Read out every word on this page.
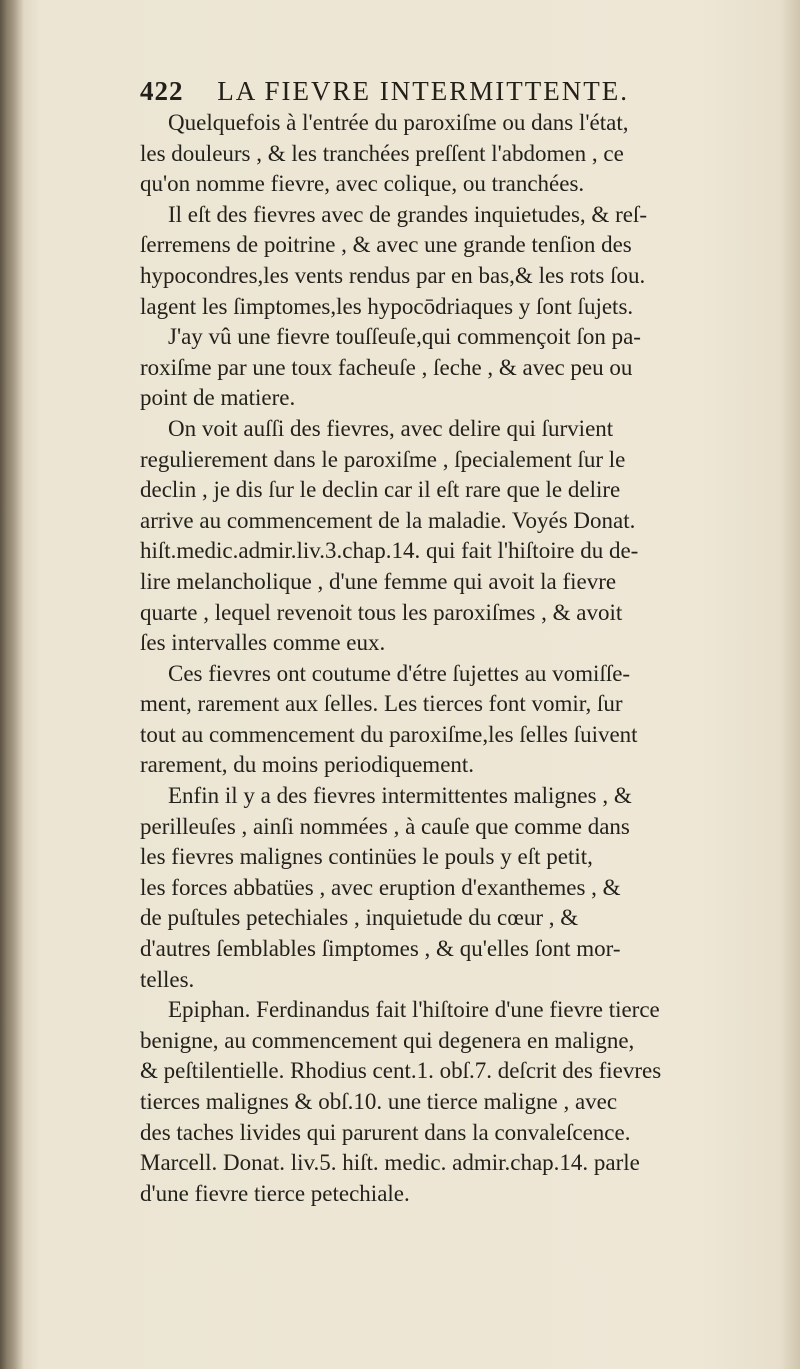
422 LA FIEVRE INTERMITTENTE.
Quelquefois à l'entrée du paroxiſme ou dans l'état,
les douleurs , & les tranchées preſſent l'abdomen , ce
qu'on nomme fievre, avec colique, ou tranchées.
Il eſt des fievres avec de grandes inquietudes, & reſ-
ſerremens de poitrine , & avec une grande tenſion des
hypocondres,les vents rendus par en bas,& les rots ſou.
lagent les ſimptomes,les hypocōdriaques y ſont ſujets.
J'ay vû une fievre touſſeuſe,qui commençoit ſon pa-
roxiſme par une toux facheuſe , ſeche , & avec peu ou
point de matiere.
On voit auſſi des fievres, avec delire qui ſurvient
regulierement dans le paroxiſme , ſpecialement ſur le
declin , je dis ſur le declin car il eſt rare que le delire
arrive au commencement de la maladie. Voyés Donat.
hiſt.medic.admir.liv.3.chap.14. qui fait l'hiſtoire du de-
lire melancholique , d'une femme qui avoit la fievre
quarte , lequel revenoit tous les paroxiſmes , & avoit
ſes intervalles comme eux.
Ces fievres ont coutume d'étre ſujettes au vomiſſe-
ment, rarement aux ſelles. Les tierces font vomir, ſur
tout au commencement du paroxiſme,les ſelles ſuivent
rarement, du moins periodiquement.
Enfin il y a des fievres intermittentes malignes , &
perilleuſes , ainſi nommées , à cauſe que comme dans
les fievres malignes continües le pouls y eſt petit,
les forces abbatües , avec eruption d'exanthemes , &
de puſtules petechiales , inquietude du cœur , &
d'autres ſemblables ſimptomes , & qu'elles ſont mor-
telles.
Epiphan. Ferdinandus fait l'hiſtoire d'une fievre tierce
benigne, au commencement qui degenera en maligne,
& peſtilentielle. Rhodius cent.1. obſ.7. deſcrit des fievres
tierces malignes & obſ.10. une tierce maligne , avec
des taches livides qui parurent dans la convaleſcence.
Marcell. Donat. liv.5. hiſt. medic. admir.chap.14. parle
d'une fievre tierce petechiale.
